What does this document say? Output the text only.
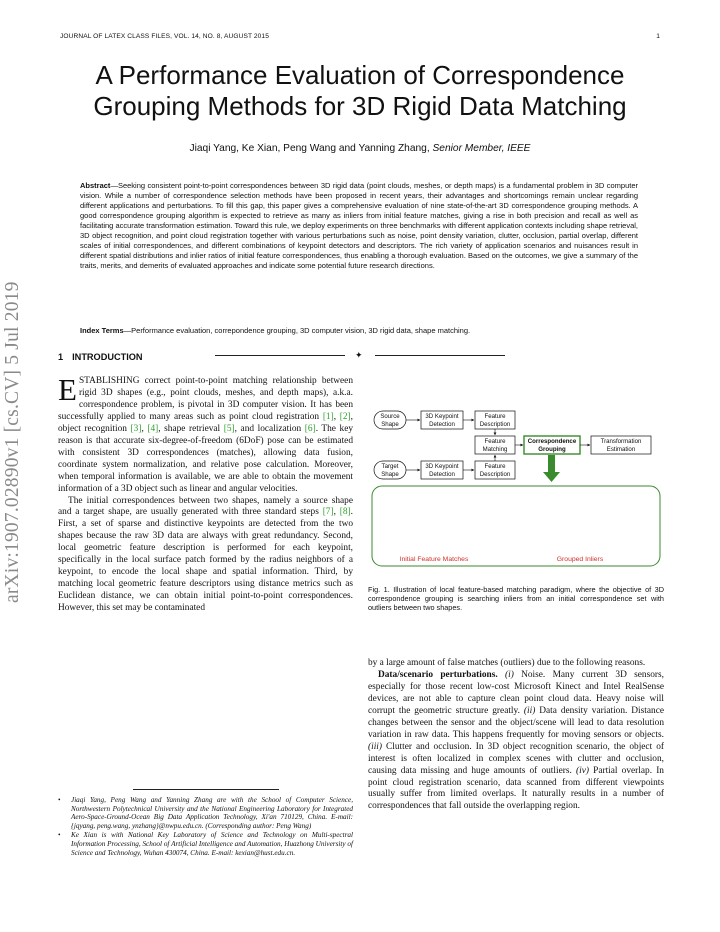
JOURNAL OF LATEX CLASS FILES, VOL. 14, NO. 8, AUGUST 2015	1
A Performance Evaluation of Correspondence Grouping Methods for 3D Rigid Data Matching
Jiaqi Yang, Ke Xian, Peng Wang and Yanning Zhang, Senior Member, IEEE
Abstract—Seeking consistent point-to-point correspondences between 3D rigid data (point clouds, meshes, or depth maps) is a fundamental problem in 3D computer vision. While a number of correspondence selection methods have been proposed in recent years, their advantages and shortcomings remain unclear regarding different applications and perturbations. To fill this gap, this paper gives a comprehensive evaluation of nine state-of-the-art 3D correspondence grouping methods. A good correspondence grouping algorithm is expected to retrieve as many as inliers from initial feature matches, giving a rise in both precision and recall as well as facilitating accurate transformation estimation. Toward this rule, we deploy experiments on three benchmarks with different application contexts including shape retrieval, 3D object recognition, and point cloud registration together with various perturbations such as noise, point density variation, clutter, occlusion, partial overlap, different scales of initial correspondences, and different combinations of keypoint detectors and descriptors. The rich variety of application scenarios and nuisances result in different spatial distributions and inlier ratios of initial feature correspondences, thus enabling a thorough evaluation. Based on the outcomes, we give a summary of the traits, merits, and demerits of evaluated approaches and indicate some potential future research directions.
Index Terms—Performance evaluation, correpondence grouping, 3D computer vision, 3D rigid data, shape matching.
✦
arXiv:1907.02890v1 [cs.CV] 5 Jul 2019	1 INTRODUCTION

ESTABLISHING correct point-to-point matching relationship between rigid 3D shapes (e.g., point clouds, meshes, and depth maps), a.k.a. correspondence problem, is pivotal in 3D computer vision. It has been successfully applied to many areas such as point cloud registration [1], [2], object recognition [3], [4], shape retrieval [5], and localization [6]. The key reason is that accurate six-degree-of-freedom (6DoF) pose can be estimated with consistent 3D correspondences (matches), allowing data fusion, coordinate system normalization, and relative pose calculation. Moreover, when temporal information is available, we are able to obtain the movement information of a 3D object such as linear and angular velocities.

The initial correspondences between two shapes, namely a source shape and a target shape, are usually generated with three standard steps [7], [8]. First, a set of sparse and distinctive keypoints are detected from the two shapes because the raw 3D data are always with great redundancy. Second, local geometric feature description is performed for each keypoint, specifically in the local surface patch formed by the radius neighbors of a keypoint, to encode the local shape and spatial information. Third, by matching local geometric feature descriptors using distance metrics such as Euclidean distance, we can obtain initial point-to-point correspondences. However, this set may be contaminated

• Jiaqi Yang, Peng Wang and Yanning Zhang are with the School of Computer Science, Northwestern Polytechnical University and the National Engineering Laboratory for Integrated Aero-Space-Ground-Ocean Big Data Application Technology, Xi'an 710129, China. E-mail: {jqyang, peng.wang, ynzhang}@nwpu.edu.cn. (Corresponding author: Peng Wang)
• Ke Xian is with National Key Laboratory of Science and Technology on Multi-spectral Information Processing, School of Artificial Intelligence and Automation, Huazhong University of Science and Technology, Wuhan 430074, China. E-mail: kexian@hust.edu.cn.
Source
Shape
3D Keypoint
Detection
Feature
Description
Feature
Matching
Correspondence
Grouping
Transformation
Estimation
Target
Shape
3D Keypoint
Detection
Feature
Description
Initial Feature Matches	Grouped Inliers
Fig. 1. Illustration of local feature-based matching paradigm, where the objective of 3D correspondence grouping is searching inliers from an initial correspondence set with outliers between two shapes.

by a large amount of false matches (outliers) due to the following reasons.

Data/scenario perturbations. (i) Noise. Many current 3D sensors, especially for those recent low-cost Microsoft Kinect and Intel RealSense devices, are not able to capture clean point cloud data. Heavy noise will corrupt the geometric structure greatly. (ii) Data density variation. Distance changes between the sensor and the object/scene will lead to data resolution variation in raw data. This happens frequently for moving sensors or objects. (iii) Clutter and occlusion. In 3D object recognition scenario, the object of interest is often localized in complex scenes with clutter and occlusion, causing data missing and huge amounts of outliers. (iv) Partial overlap. In point cloud registration scenario, data scanned from different viewpoints usually suffer from limited overlaps. It naturally results in a number of correspondences that fall outside the overlapping region.
